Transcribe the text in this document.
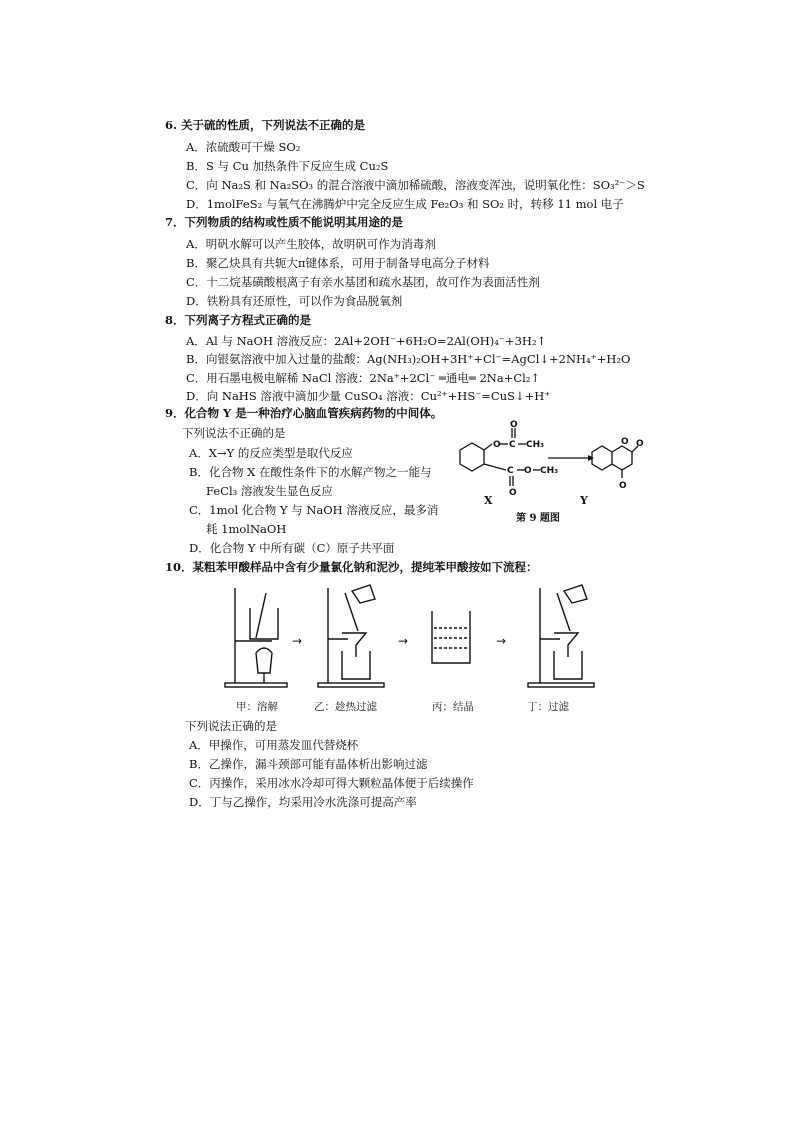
6. 关于硫的性质，下列说法不正确的是
A．浓硫酸可干燥 SO₂
B．S 与 Cu 加热条件下反应生成 Cu₂S
C．向 Na₂S 和 Na₂SO₃ 的混合溶液中滴加稀硫酸，溶液变浑浊，说明氧化性：SO₃²⁻＞S
D．1molFeS₂ 与氧气在沸腾炉中完全反应生成 Fe₂O₃ 和 SO₂ 时，转移 11 mol 电子
7．下列物质的结构或性质不能说明其用途的是
A．明矾水解可以产生胶体，故明矾可作为消毒剂
B．聚乙炔具有共轭大π键体系，可用于制备导电高分子材料
C．十二烷基磺酸根离子有亲水基团和疏水基团，故可作为表面活性剂
D．铁粉具有还原性，可以作为食品脱氧剂
8．下列离子方程式正确的是
A．Al 与 NaOH 溶液反应：2Al+2OH⁻+6H₂O=2Al(OH)₄⁻+3H₂↑
B．向银氨溶液中加入过量的盐酸：Ag(NH₃)₂OH+3H⁺+Cl⁻=AgCl↓+2NH₄⁺+H₂O
C．用石墨电极电解稀 NaCl 溶液：2Na⁺+2Cl⁻ ═通电═ 2Na+Cl₂↑
D．向 NaHS 溶液中滴加少量 CuSO₄ 溶液：Cu²⁺+HS⁻=CuS↓+H⁺
9．化合物 Y 是一种治疗心脑血管疾病药物的中间体。
下列说法不正确的是
A．X→Y 的反应类型是取代反应
B．化合物 X 在酸性条件下的水解产物之一能与
FeCl₃ 溶液发生显色反应
C．1mol 化合物 Y 与 NaOH 溶液反应，最多消
耗 1molNaOH
D．化合物 Y 中所有碳（C）原子共平面
O C
O
CH₃
C
O
O CH₃
O O
O
X	Y
第 9 题图
10．某粗苯甲酸样品中含有少量氯化钠和泥沙，提纯苯甲酸按如下流程：
→	→	→
甲：溶解	乙：趁热过滤	丙：结晶	丁：过滤
下列说法正确的是
A．甲操作，可用蒸发皿代替烧杯
B．乙操作，漏斗颈部可能有晶体析出影响过滤
C．丙操作，采用冰水冷却可得大颗粒晶体便于后续操作
D．丁与乙操作，均采用冷水洗涤可提高产率
